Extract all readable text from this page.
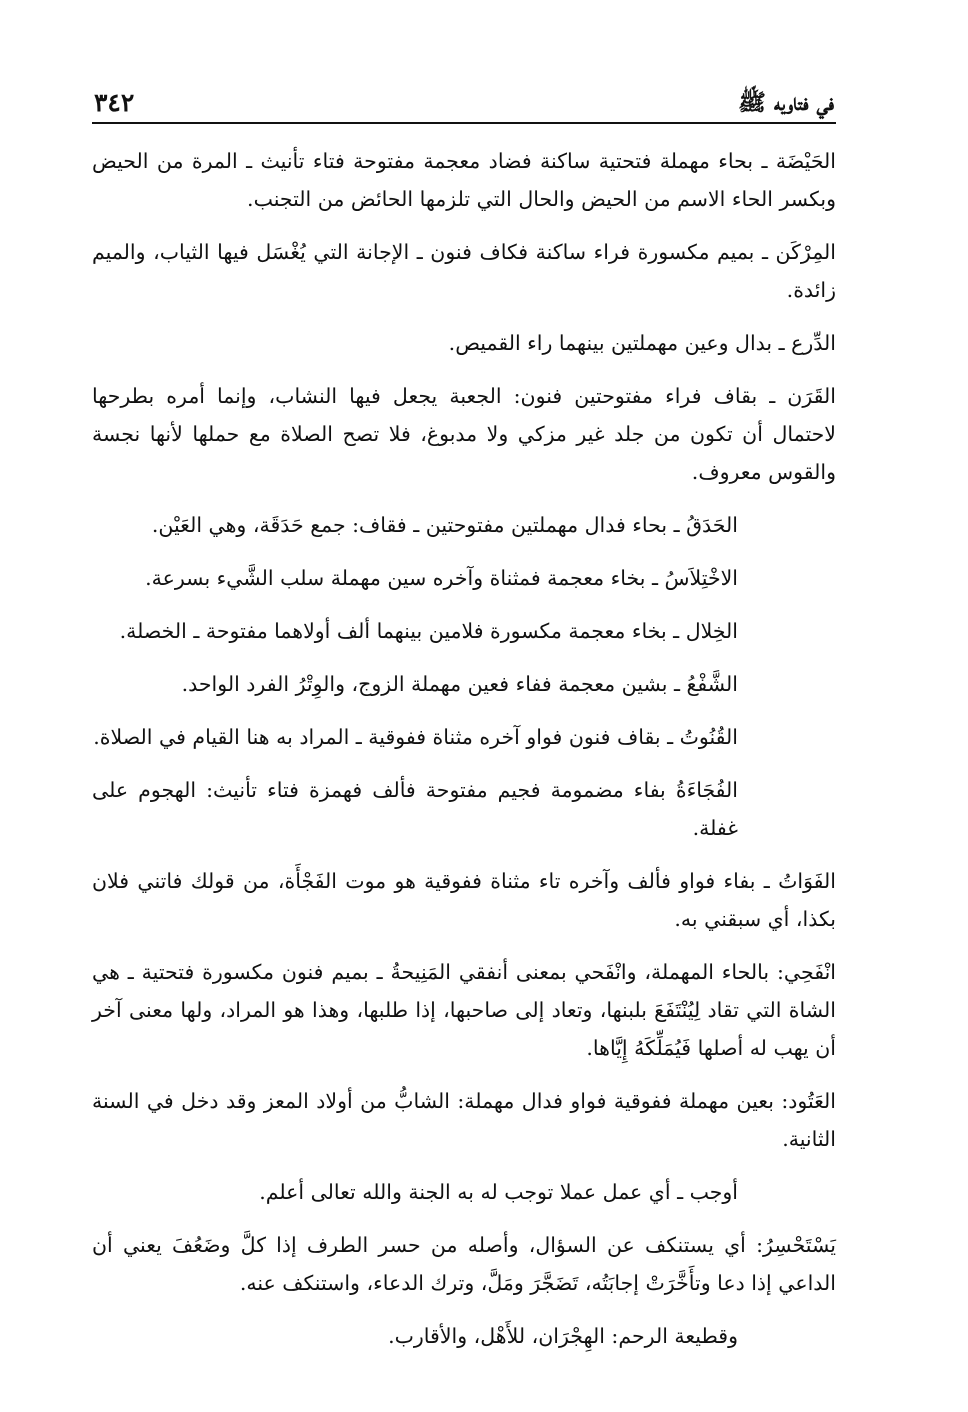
في فتاويه ﷺ
٣٤٢

الحَيْضَة ـ بحاء مهملة فتحتية ساكنة فضاد معجمة مفتوحة فتاء تأنيث ـ المرة من الحيض وبكسر الحاء الاسم من الحيض والحال التي تلزمها الحائض من التجنب.

المِرْكَن ـ بميم مكسورة فراء ساكنة فكاف فنون ـ الإجانة التي يُغْسَل فيها الثياب، والميم زائدة.

الدِّرع ـ بدال وعين مهملتين بينهما راء القميص.

القَرَن ـ بقاف فراء مفتوحتين فنون: الجعبة يجعل فيها النشاب، وإنما أمره بطرحها لاحتمال أن تكون من جلد غير مزكي ولا مدبوغ، فلا تصح الصلاة مع حملها لأنها نجسة والقوس معروف.

الحَدَقُ ـ بحاء فدال مهملتين مفتوحتين ـ فقاف: جمع حَدَقَة، وهي العَيْن.

الاخْتِلاَسُ ـ بخاء معجمة فمثناة وآخره سين مهملة سلب الشَّيء بسرعة.

الخِلال ـ بخاء معجمة مكسورة فلامين بينهما ألف أولاهما مفتوحة ـ الخصلة.

الشَّفْعُ ـ بشين معجمة ففاء فعين مهملة الزوج، والوِتْرُ الفرد الواحد.

القُنُوتُ ـ بقاف فنون فواو آخره مثناة ففوقية ـ المراد به هنا القيام في الصلاة.

الفُجَاءَةُ بفاء مضمومة فجيم مفتوحة فألف فهمزة فتاء تأنيث: الهجوم على غفلة.

الفَوَاتُ ـ بفاء فواو فألف وآخره تاء مثناة ففوقية هو موت الفَجْأَة، من قولك فاتني فلان بكذا، أي سبقني به.

انْفَحِي: بالحاء المهملة، وانْفَحي بمعنى أنفقي المَنِيحةُ ـ بميم فنون مكسورة فتحتية ـ هي الشاة التي تقاد لِيُنْتَفَعَ بلبنها، وتعاد إلى صاحبها، إذا طلبها، وهذا هو المراد، ولها معنى آخر أن يهب له أصلها فَيُمَلِّكَهُ إِيَّاها.

العَتُود: بعين مهملة ففوقية فواو فدال مهملة: الشابُّ من أولاد المعز وقد دخل في السنة الثانية.

أوجب ـ أي عمل عملا توجب له به الجنة والله تعالى أعلم.

يَسْتَحْسِرُ: أي يستنكف عن السؤال، وأصله من حسر الطرف إذا كلَّ وضَعُفَ يعني أن الداعي إذا دعا وتأَخَّرَتْ إجابَتُه، تَضَجَّرَ ومَلَّ، وترك الدعاء، واستنكف عنه.

وقطيعة الرحم: الهِجْرَان، للأَهْل، والأقارب.
